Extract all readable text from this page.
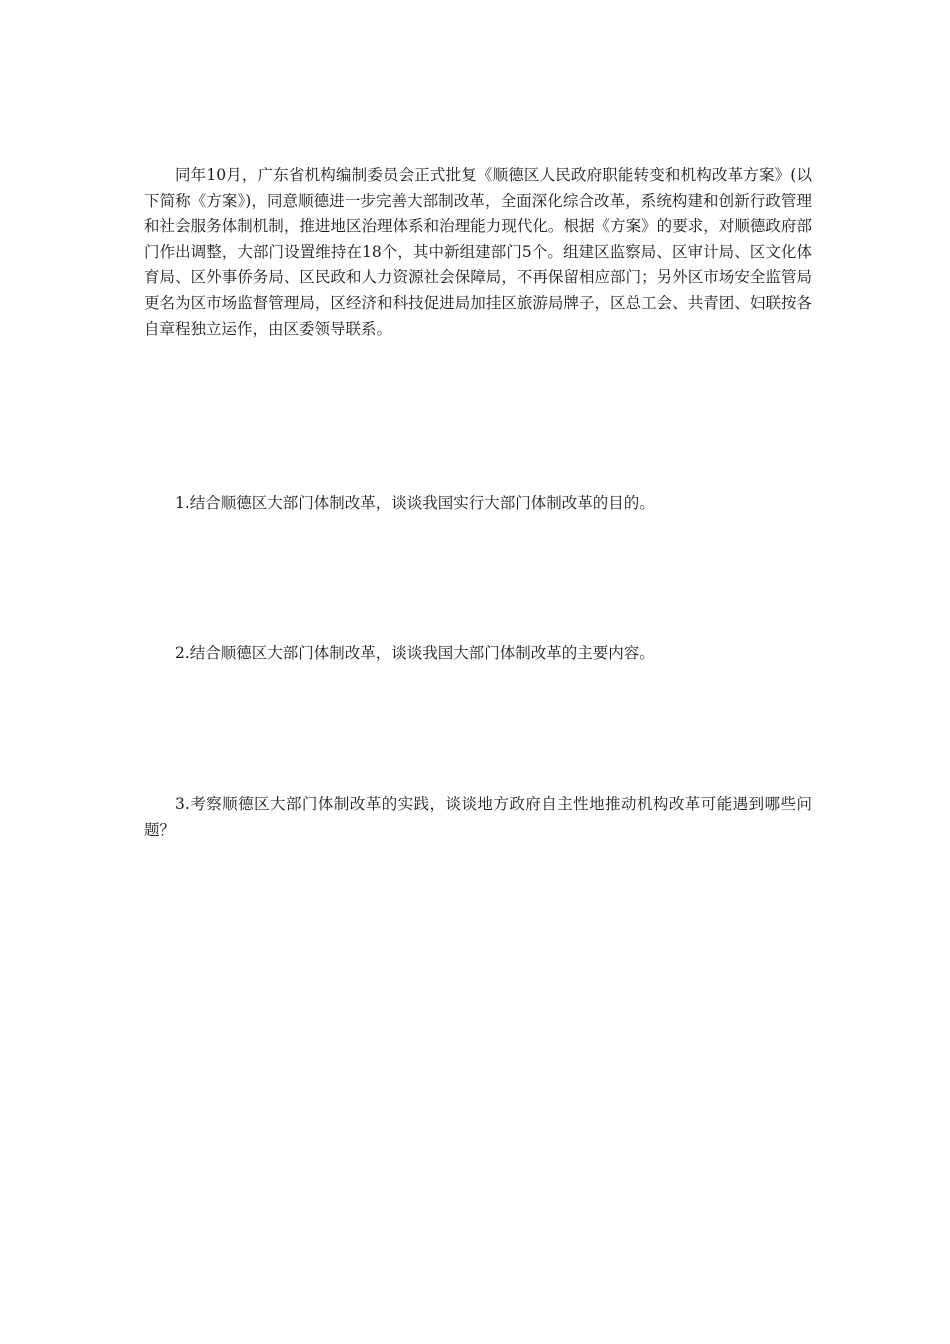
同年10月，广东省机构编制委员会正式批复《顺德区人民政府职能转变和机构改革方案》(以下简称《方案》)，同意顺德进一步完善大部制改革，全面深化综合改革，系统构建和创新行政管理和社会服务体制机制，推进地区治理体系和治理能力现代化。根据《方案》的要求，对顺德政府部门作出调整，大部门设置维持在18个，其中新组建部门5个。组建区监察局、区审计局、区文化体育局、区外事侨务局、区民政和人力资源社会保障局，不再保留相应部门；另外区市场安全监管局更名为区市场监督管理局，区经济和科技促进局加挂区旅游局牌子，区总工会、共青团、妇联按各自章程独立运作，由区委领导联系。

1.结合顺德区大部门体制改革，谈谈我国实行大部门体制改革的目的。

2.结合顺德区大部门体制改革，谈谈我国大部门体制改革的主要内容。

3.考察顺德区大部门体制改革的实践，谈谈地方政府自主性地推动机构改革可能遇到哪些问题？
